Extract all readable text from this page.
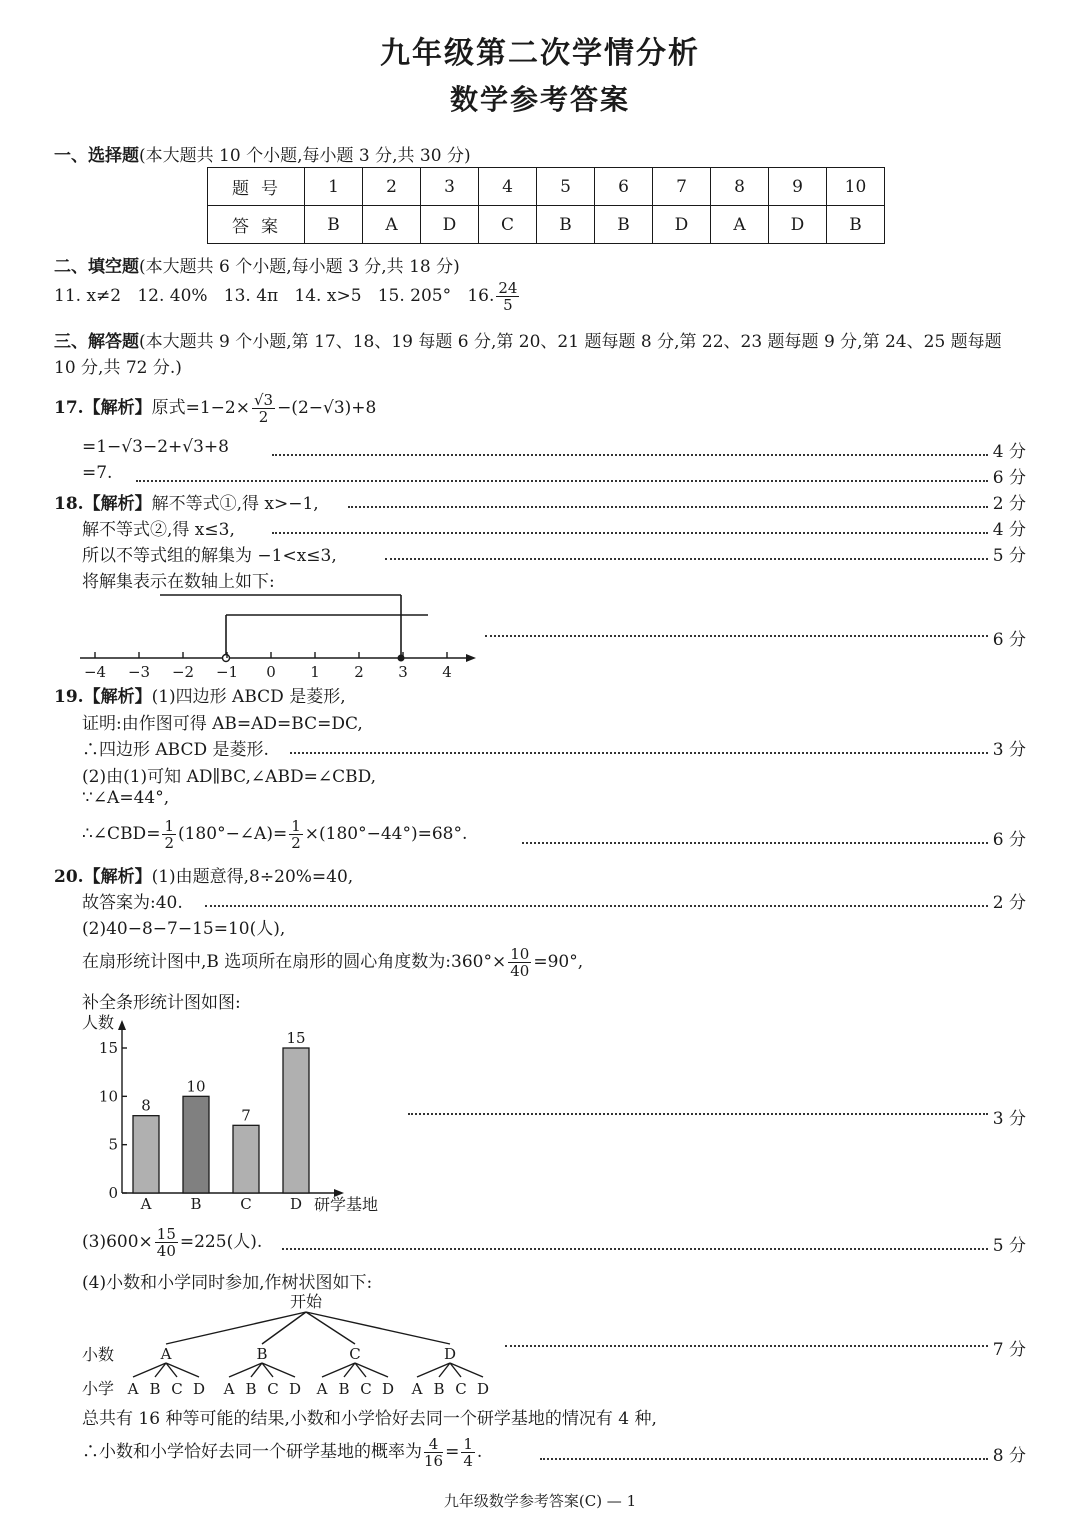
九年级第二次学情分析
数学参考答案
一、选择题(本大题共 10 个小题,每小题 3 分,共 30 分)
题号	1	2	3	4	5	6	7	8	9	10
答案	B	A	D	C	B	B	D	A	D	B
二、填空题(本大题共 6 个小题,每小题 3 分,共 18 分)
11. x≠2 12. 40% 13. 4π 14. x>5 15. 205° 16. $\frac{24}{5}$
三、解答题(本大题共 9 个小题,第 17、18、19 每题 6 分,第 20、21 题每题 8 分,第 22、23 题每题 9 分,第 24、25 题每题
10 分,共 72 分.)
17.【解析】原式$=1-2\times \frac{√3}{2} -(2-√3)+8$
=1−√3−2+√3+8	4 分
=7.	6 分
18.【解析】解不等式①,得 x>−1,	2 分
解不等式②,得 x≤3,	4 分
所以不等式组的解集为 −1<x≤3,	5 分
将解集表示在数轴上如下:
−4 −3 −2 −1 0 1 2 3 4
6 分
19.【解析】(1)四边形 ABCD 是菱形,
证明:由作图可得 AB=AD=BC=DC,
∴四边形 ABCD 是菱形.	3 分
(2)由(1)可知 AD∥BC,∠ABD=∠CBD,
∵∠A=44°,
∴∠CBD= $\frac{1}{2}$ (180°−∠A)= $\frac{1}{2} \times(180^\circ-44^\circ)=68^\circ$.	6 分
20.【解析】(1)由题意得,8÷20%=40,
故答案为:40.	2 分
(2)40−8−7−15=10(人),
在扇形统计图中,B 选项所在扇形的圆心角度数为:360°× $\frac{10}{40} =90^\circ$,
补全条形统计图如图:
人数
研学基地
0
5
10
15
8
A
10
B
7
C
15
D
3 分
$(3)600\times \frac{15}{40} =225$(人).	5 分
(4)小数和小学同时参加,作树状图如下:
开始
小数
小学
A
A B C D
B
A B C D
C
A B C D
D
A B C D
7 分
总共有 16 种等可能的结果,小数和小学恰好去同一个研学基地的情况有 4 种,
∴小数和小学恰好去同一个研学基地的概率为 $\frac{4}{16} = \frac{1}{4}$ .	8 分
九年级数学参考答案(C) — 1
